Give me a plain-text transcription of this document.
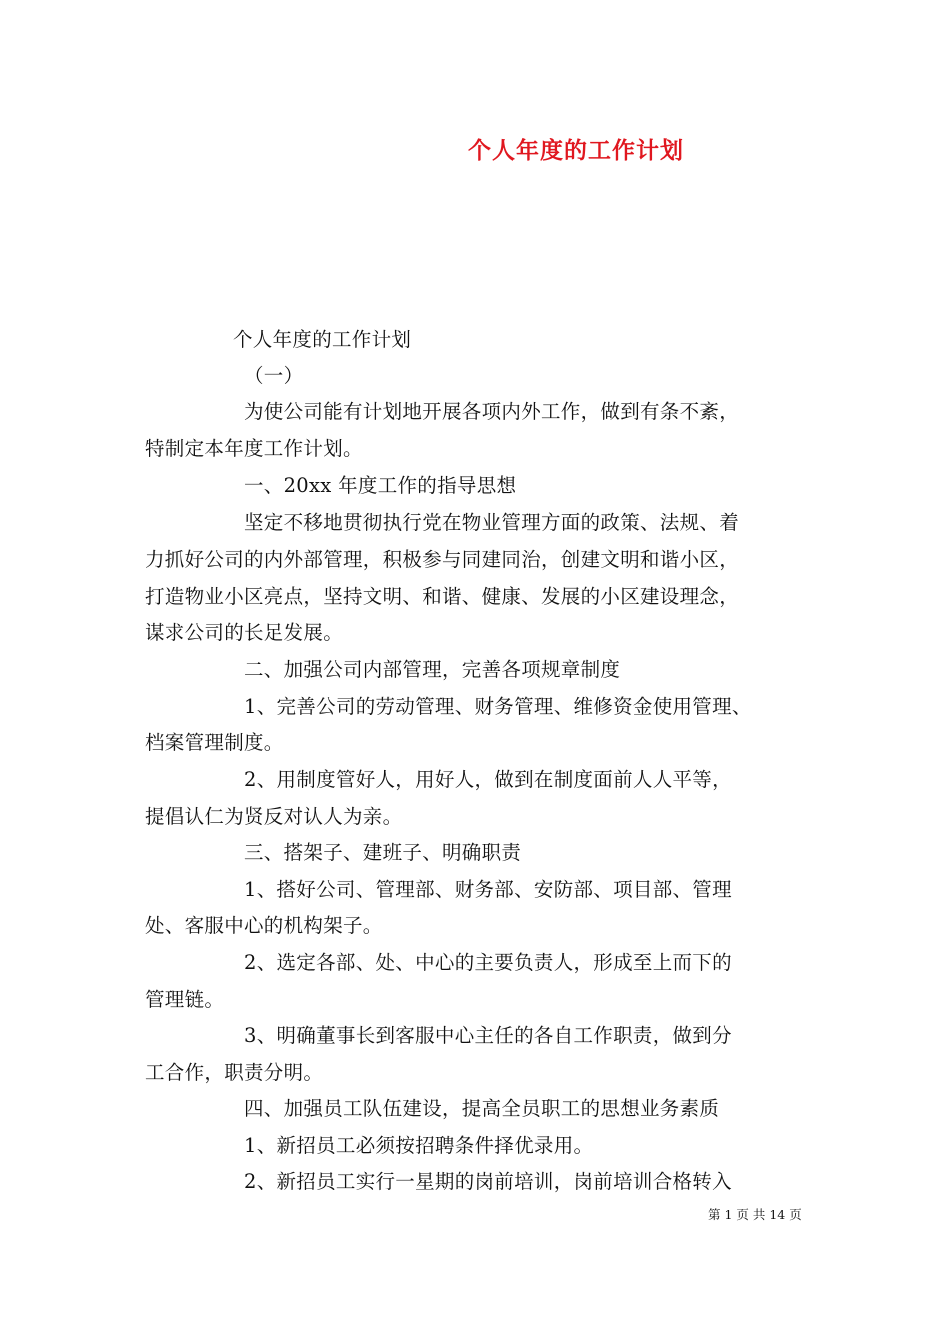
个人年度的工作计划
个人年度的工作计划
（一）
为使公司能有计划地开展各项内外工作，做到有条不紊，
特制定本年度工作计划。
一、20xx 年度工作的指导思想
坚定不移地贯彻执行党在物业管理方面的政策、法规、着
力抓好公司的内外部管理，积极参与同建同治，创建文明和谐小区，
打造物业小区亮点，坚持文明、和谐、健康、发展的小区建设理念，
谋求公司的长足发展。
二、加强公司内部管理，完善各项规章制度
1、完善公司的劳动管理、财务管理、维修资金使用管理、
档案管理制度。
2、用制度管好人，用好人，做到在制度面前人人平等，
提倡认仁为贤反对认人为亲。
三、搭架子、建班子、明确职责
1、搭好公司、管理部、财务部、安防部、项目部、管理
处、客服中心的机构架子。
2、选定各部、处、中心的主要负责人，形成至上而下的
管理链。
3、明确董事长到客服中心主任的各自工作职责，做到分
工合作，职责分明。
四、加强员工队伍建设，提高全员职工的思想业务素质
1、新招员工必须按招聘条件择优录用。
2、新招员工实行一星期的岗前培训，岗前培训合格转入
第 1 页 共 14 页
